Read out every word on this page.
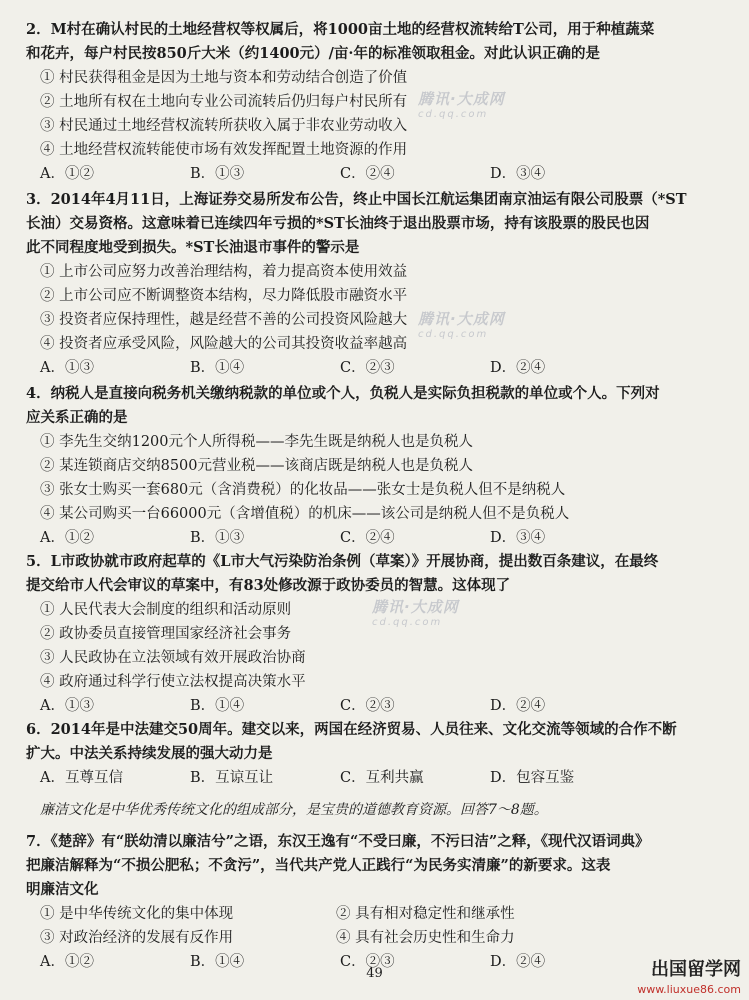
2．M村在确认村民的土地经营权等权属后，将1000亩土地的经营权流转给T公司，用于种植蔬菜
和花卉，每户村民按850斤大米（约1400元）/亩·年的标准领取租金。对此认识正确的是
① 村民获得租金是因为土地与资本和劳动结合创造了价值
② 土地所有权在土地向专业公司流转后仍归每户村民所有
③ 村民通过土地经营权流转所获收入属于非农业劳动收入
④ 土地经营权流转能使市场有效发挥配置土地资源的作用
A．①②	B．①③	C．②④	D．③④
3．2014年4月11日，上海证券交易所发布公告，终止中国长江航运集团南京油运有限公司股票（*ST
长油）交易资格。这意味着已连续四年亏损的*ST长油终于退出股票市场，持有该股票的股民也因
此不同程度地受到损失。*ST长油退市事件的警示是
① 上市公司应努力改善治理结构，着力提高资本使用效益
② 上市公司应不断调整资本结构，尽力降低股市融资水平
③ 投资者应保持理性，越是经营不善的公司投资风险越大
④ 投资者应承受风险，风险越大的公司其投资收益率越高
A．①③	B．①④	C．②③	D．②④
4．纳税人是直接向税务机关缴纳税款的单位或个人，负税人是实际负担税款的单位或个人。下列对
应关系正确的是
① 李先生交纳1200元个人所得税——李先生既是纳税人也是负税人
② 某连锁商店交纳8500元营业税——该商店既是纳税人也是负税人
③ 张女士购买一套680元（含消费税）的化妆品——张女士是负税人但不是纳税人
④ 某公司购买一台66000元（含增值税）的机床——该公司是纳税人但不是负税人
A．①②	B．①③	C．②④	D．③④
5．L市政协就市政府起草的《L市大气污染防治条例（草案）》开展协商，提出数百条建议，在最终
提交给市人代会审议的草案中，有83处修改源于政协委员的智慧。这体现了
① 人民代表大会制度的组织和活动原则
② 政协委员直接管理国家经济社会事务
③ 人民政协在立法领域有效开展政治协商
④ 政府通过科学行使立法权提高决策水平
A．①③	B．①④	C．②③	D．②④
6．2014年是中法建交50周年。建交以来，两国在经济贸易、人员往来、文化交流等领域的合作不断
扩大。中法关系持续发展的强大动力是
A．互尊互信	B．互谅互让	C．互利共赢	D．包容互鉴
廉洁文化是中华优秀传统文化的组成部分，是宝贵的道德教育资源。回答7～8题。
7．《楚辞》有“朕幼清以廉洁兮”之语，东汉王逸有“不受曰廉，不污曰洁”之释，《现代汉语词典》
把廉洁解释为“不损公肥私；不贪污”，当代共产党人正践行“为民务实清廉”的新要求。这表
明廉洁文化
① 是中华传统文化的集中体现	② 具有相对稳定性和继承性
③ 对政治经济的发展有反作用	④ 具有社会历史性和生命力
A．①②	B．①④	C．②③	D．②④
腾讯·大成网
cd.qq.com
腾讯·大成网
cd.qq.com
腾讯·大成网
cd.qq.com
49	出国留学网
www.liuxue86.com
